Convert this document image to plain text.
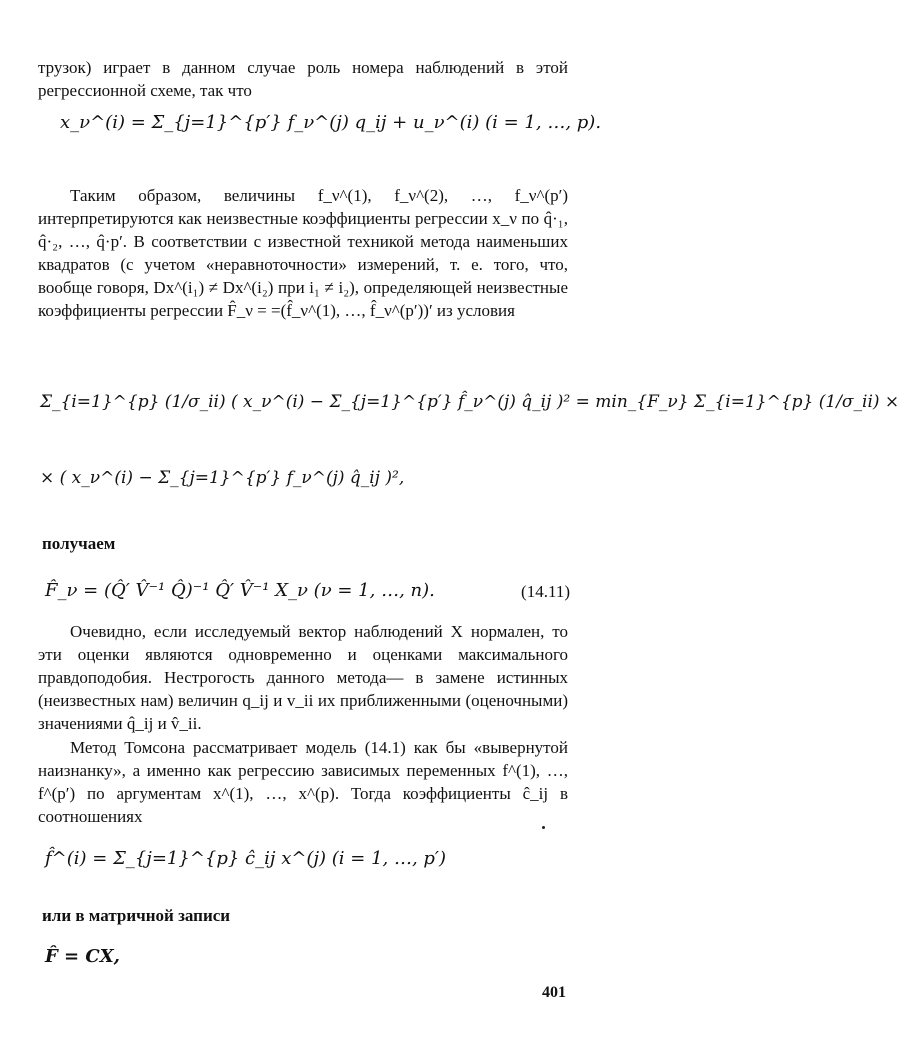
трузок) играет в данном случае роль номера наблюдений в этой регрессионной схеме, так что
x_ν^(i) = Σ_{j=1}^{p′} f_ν^(j) q_ij + u_ν^(i) (i = 1, …, p).
Таким образом, величины f_ν^(1), f_ν^(2), …, f_ν^(p′) интерпретируются как неизвестные коэффициенты регрессии x_ν по q̂·₁, q̂·₂, …, q̂·p′. В соответствии с известной техникой метода наименьших квадратов (с учетом «неравноточности» измерений, т. е. того, что, вообще говоря, Dx^(i₁) ≠ Dx^(i₂) при i₁ ≠ i₂), определяющей неизвестные коэффициенты регрессии F̂_ν = =(f̂_ν^(1), …, f̂_ν^(p′))′ из условия
Σ_{i=1}^{p} (1/σ_ii) ( x_ν^(i) − Σ_{j=1}^{p′} f̂_ν^(j) q̂_ij )² = min_{F_ν} Σ_{i=1}^{p} (1/σ_ii) ×
× ( x_ν^(i) − Σ_{j=1}^{p′} f_ν^(j) q̂_ij )²,
получаем
F̂_ν = (Q̂′ V̂⁻¹ Q̂)⁻¹ Q̂′ V̂⁻¹ X_ν (ν = 1, …, n).	(14.11)
Очевидно, если исследуемый вектор наблюдений X нормален, то эти оценки являются одновременно и оценками максимального правдоподобия. Нестрогость данного метода— в замене истинных (неизвестных нам) величин q_ij и v_ii их приближенными (оценочными) значениями q̂_ij и v̂_ii.
Метод Томсона рассматривает модель (14.1) как бы «вывернутой наизнанку», а именно как регрессию зависимых переменных f^(1), …, f^(p′) по аргументам x^(1), …, x^(p). Тогда коэффициенты ĉ_ij в соотношениях
f̂^(i) = Σ_{j=1}^{p} ĉ_ij x^(j) (i = 1, …, p′)
или в матричной записи
F̂ = CX,
401
